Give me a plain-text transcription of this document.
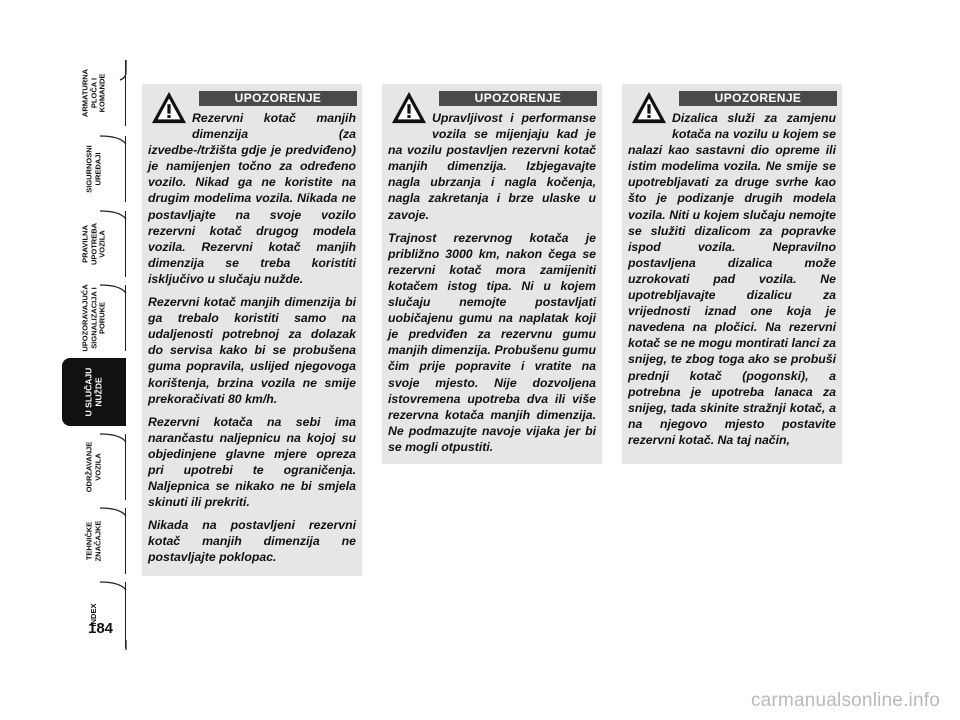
ARMATURNA
PLOČA I
KOMANDE
SIGURNOSNI
UREĐAJI
PRAVILNA
UPOTREBA
VOZILA
UPOZORAVAJUĆA
SIGNALIZACIJA I
PORUKE
U SLUČAJU
NUŽDE
ODRŽAVANJE
VOZILA
TEHNIČKE
ZNAČAJKE
INDEX
184
UPOZORENJE

Rezervni kotač manjih dimenzija (za izvedbe-/tržišta gdje je predviđeno) je namijenjen točno za određeno vozilo. Nikad ga ne koristite na drugim modelima vozila. Nikada ne postavljajte na svoje vozilo rezervni kotač drugog modela vozila. Rezervni kotač manjih dimenzija se treba koristiti isključivo u slučaju nužde.

Rezervni kotač manjih dimenzija bi ga trebalo koristiti samo na udaljenosti potrebnoj za dolazak do servisa kako bi se probušena guma popravila, uslijed njegovoga korištenja, brzina vozila ne smije prekoračivati 80 km/h.

Rezervni kotača na sebi ima narančastu naljepnicu na kojoj su objedinjene glavne mjere opreza pri upotrebi te ograničenja. Naljepnica se nikako ne bi smjela skinuti ili prekriti.

Nikada na postavljeni rezervni kotač manjih dimenzija ne postavljajte poklopac.

UPOZORENJE

Upravljivost i performanse vozila se mijenjaju kad je na vozilu postavljen rezervni kotač manjih dimenzija. Izbjegavajte nagla ubrzanja i nagla kočenja, nagla zakretanja i brze ulaske u zavoje.

Trajnost rezervnog kotača je približno 3000 km, nakon čega se rezervni kotač mora zamijeniti kotačem istog tipa. Ni u kojem slučaju nemojte postavljati uobičajenu gumu na naplatak koji je predviđen za rezervnu gumu manjih dimenzija. Probušenu gumu čim prije popravite i vratite na svoje mjesto. Nije dozvoljena istovremena upotreba dva ili više rezervna kotača manjih dimenzija. Ne podmazujte navoje vijaka jer bi se mogli otpustiti.

UPOZORENJE

Dizalica služi za zamjenu kotača na vozilu u kojem se nalazi kao sastavni dio opreme ili istim modelima vozila. Ne smije se upotrebljavati za druge svrhe kao što je podizanje drugih modela vozila. Niti u kojem slučaju nemojte se služiti dizalicom za popravke ispod vozila. Nepravilno postavljena dizalica može uzrokovati pad vozila. Ne upotrebljavajte dizalicu za vrijednosti iznad one koja je navedena na pločici. Na rezervni kotač se ne mogu montirati lanci za snijeg, te zbog toga ako se probuši prednji kotač (pogonski), a potrebna je upotreba lanaca za snijeg, tada skinite stražnji kotač, a na njegovo mjesto postavite rezervni kotač. Na taj način,

carmanualsonline.info
